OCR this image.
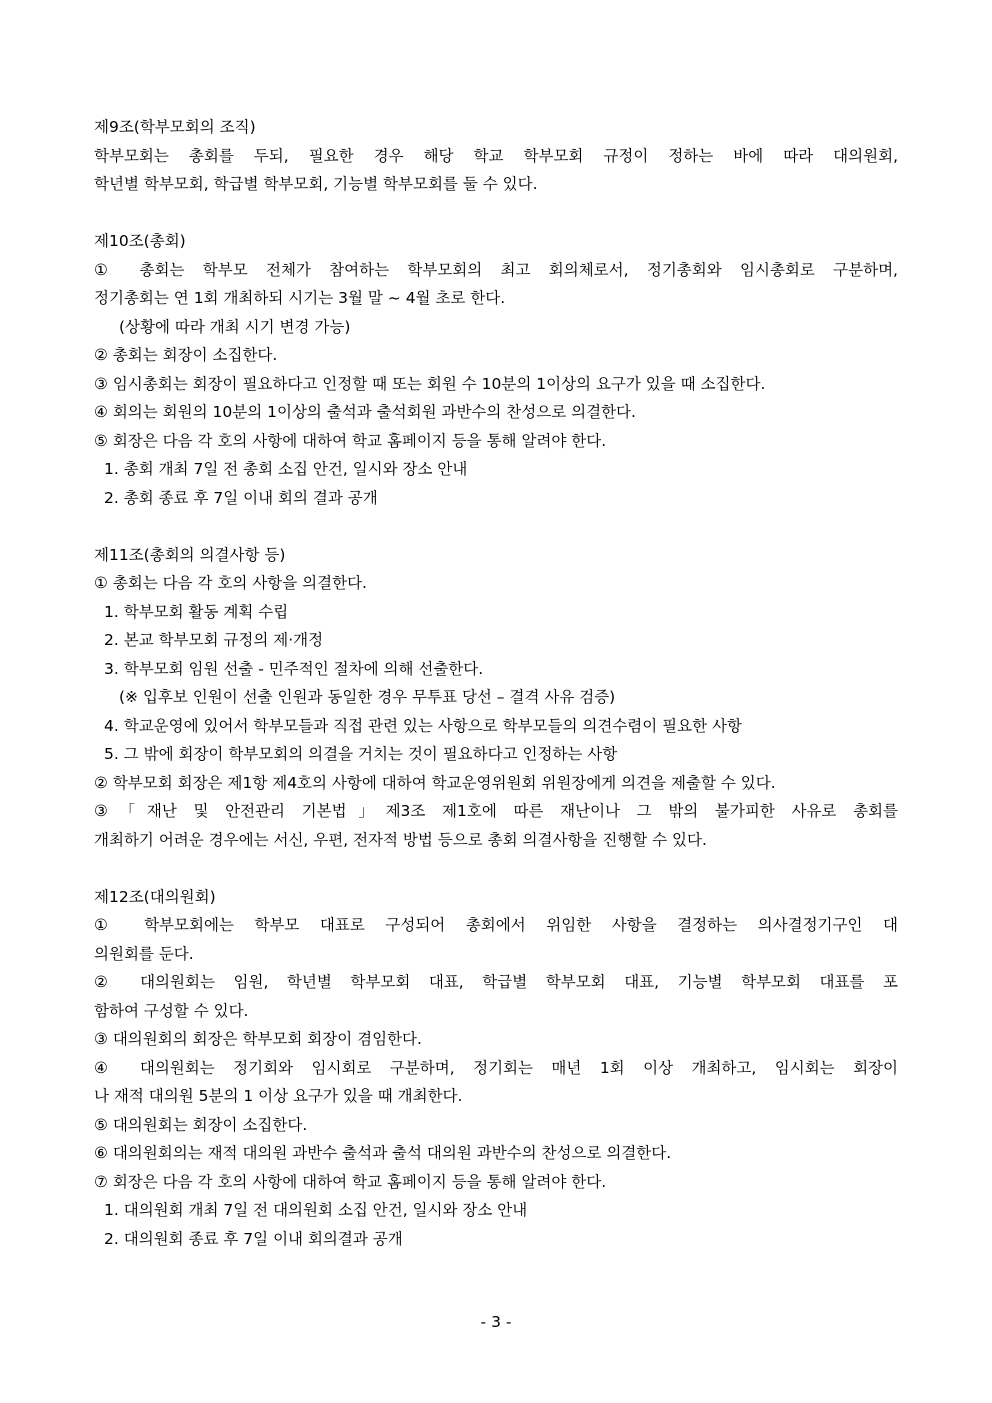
제9조(학부모회의 조직)
학부모회는 총회를 두되, 필요한 경우 해당 학교 학부모회 규정이 정하는 바에 따라 대의원회,
학년별 학부모회, 학급별 학부모회, 기능별 학부모회를 둘 수 있다.
제10조(총회)
① 총회는 학부모 전체가 참여하는 학부모회의 최고 회의체로서, 정기총회와 임시총회로 구분하며,
정기총회는 연 1회 개최하되 시기는 3월 말 ~ 4월 초로 한다.
(상황에 따라 개최 시기 변경 가능)
② 총회는 회장이 소집한다.
③ 임시총회는 회장이 필요하다고 인정할 때 또는 회원 수 10분의 1이상의 요구가 있을 때 소집한다.
④ 회의는 회원의 10분의 1이상의 출석과 출석회원 과반수의 찬성으로 의결한다.
⑤ 회장은 다음 각 호의 사항에 대하여 학교 홈페이지 등을 통해 알려야 한다.
1. 총회 개최 7일 전 총회 소집 안건, 일시와 장소 안내
2. 총회 종료 후 7일 이내 회의 결과 공개
제11조(총회의 의결사항 등)
① 총회는 다음 각 호의 사항을 의결한다.
1. 학부모회 활동 계획 수립
2. 본교 학부모회 규정의 제·개정
3. 학부모회 임원 선출 - 민주적인 절차에 의해 선출한다.
(※ 입후보 인원이 선출 인원과 동일한 경우 무투표 당선 – 결격 사유 검증)
4. 학교운영에 있어서 학부모들과 직접 관련 있는 사항으로 학부모들의 의견수렴이 필요한 사항
5. 그 밖에 회장이 학부모회의 의결을 거치는 것이 필요하다고 인정하는 사항
② 학부모회 회장은 제1항 제4호의 사항에 대하여 학교운영위원회 위원장에게 의견을 제출할 수 있다.
③「재난 및 안전관리 기본법」제3조 제1호에 따른 재난이나 그 밖의 불가피한 사유로 총회를
개최하기 어려운 경우에는 서신, 우편, 전자적 방법 등으로 총회 의결사항을 진행할 수 있다.
제12조(대의원회)
① 학부모회에는 학부모 대표로 구성되어 총회에서 위임한 사항을 결정하는 의사결정기구인 대
의원회를 둔다.
② 대의원회는 임원, 학년별 학부모회 대표, 학급별 학부모회 대표, 기능별 학부모회 대표를 포
함하여 구성할 수 있다.
③ 대의원회의 회장은 학부모회 회장이 겸임한다.
④ 대의원회는 정기회와 임시회로 구분하며, 정기회는 매년 1회 이상 개최하고, 임시회는 회장이
나 재적 대의원 5분의 1 이상 요구가 있을 때 개최한다.
⑤ 대의원회는 회장이 소집한다.
⑥ 대의원회의는 재적 대의원 과반수 출석과 출석 대의원 과반수의 찬성으로 의결한다.
⑦ 회장은 다음 각 호의 사항에 대하여 학교 홈페이지 등을 통해 알려야 한다.
1. 대의원회 개최 7일 전 대의원회 소집 안건, 일시와 장소 안내
2. 대의원회 종료 후 7일 이내 회의결과 공개
- 3 -
